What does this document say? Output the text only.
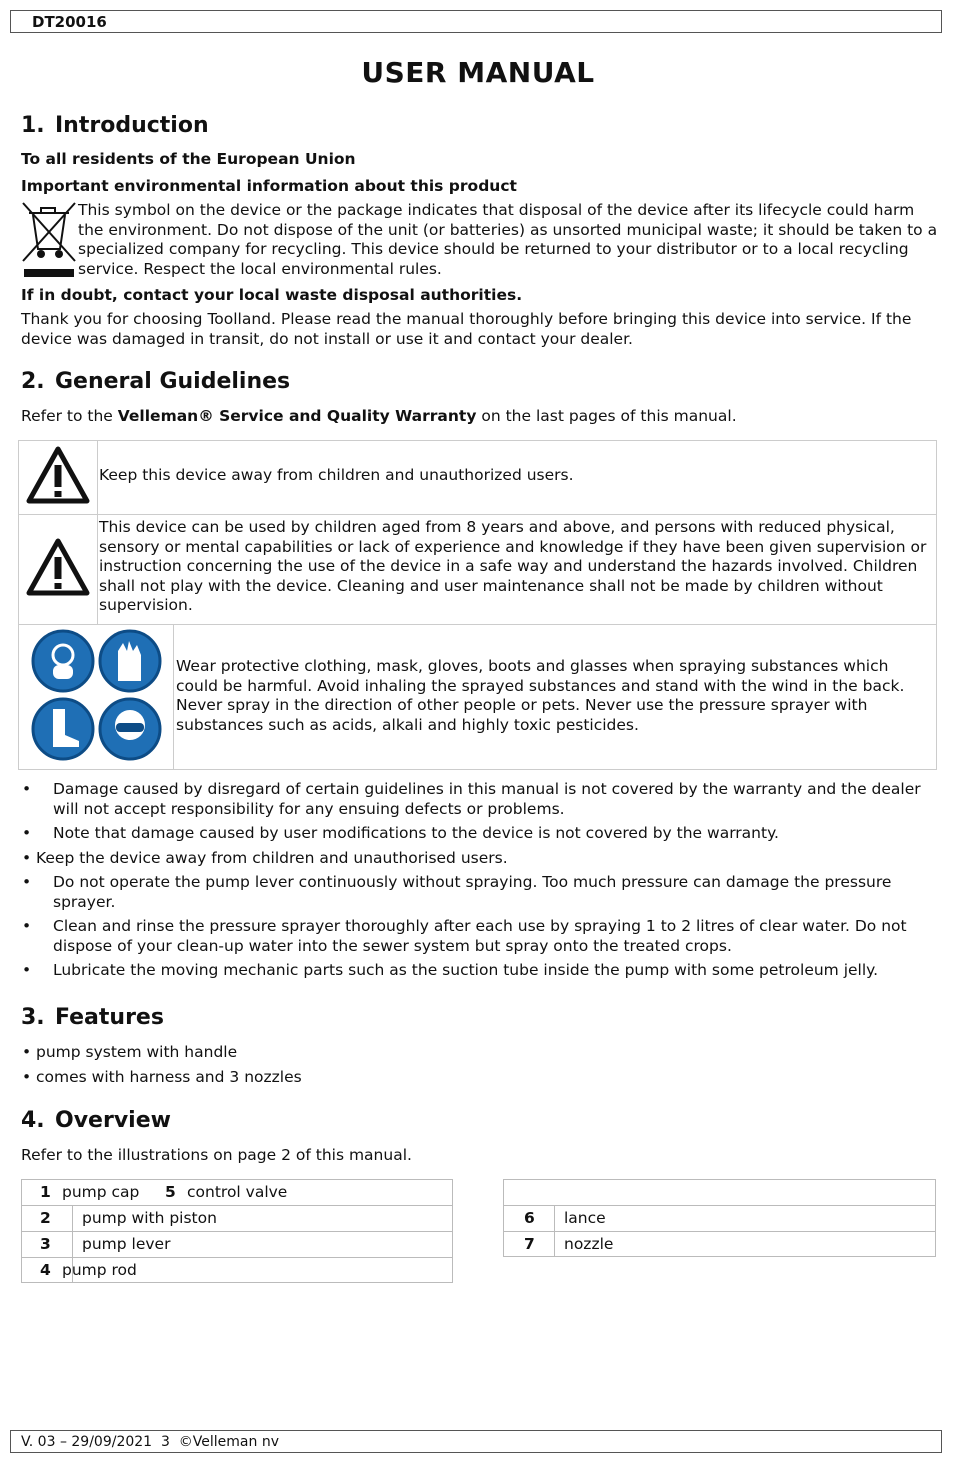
DT20016
USER MANUAL
1. Introduction
To all residents of the European Union
Important environmental information about this product
This symbol on the device or the package indicates that disposal of the device after its lifecycle could harm the environment. Do not dispose of the unit (or batteries) as unsorted municipal waste; it should be taken to a specialized company for recycling. This device should be returned to your distributor or to a local recycling service. Respect the local environmental rules.
If in doubt, contact your local waste disposal authorities.
Thank you for choosing Toolland. Please read the manual thoroughly before bringing this device into service. If the device was damaged in transit, do not install or use it and contact your dealer.
2. General Guidelines
Refer to the Velleman® Service and Quality Warranty on the last pages of this manual.
Keep this device away from children and unauthorized users.
This device can be used by children aged from 8 years and above, and persons with reduced physical, sensory or mental capabilities or lack of experience and knowledge if they have been given supervision or instruction concerning the use of the device in a safe way and understand the hazards involved. Children shall not play with the device. Cleaning and user maintenance shall not be made by children without supervision.
Wear protective clothing, mask, gloves, boots and glasses when spraying substances which could be harmful. Avoid inhaling the sprayed substances and stand with the wind in the back. Never spray in the direction of other people or pets. Never use the pressure sprayer with substances such as acids, alkali and highly toxic pesticides.
• Damage caused by disregard of certain guidelines in this manual is not covered by the warranty and the dealer will not accept responsibility for any ensuing defects or problems.
• Note that damage caused by user modifications to the device is not covered by the warranty.
• Keep the device away from children and unauthorised users.
• Do not operate the pump lever continuously without spraying. Too much pressure can damage the pressure sprayer.
• Clean and rinse the pressure sprayer thoroughly after each use by spraying 1 to 2 litres of clear water. Do not dispose of your clean-up water into the sewer system but spray onto the treated crops.
• Lubricate the moving mechanic parts such as the suction tube inside the pump with some petroleum jelly.
3. Features
• pump system with handle
• comes with harness and 3 nozzles
4. Overview
Refer to the illustrations on page 2 of this manual.
1 pump cap 5 control valve
2 pump with piston
3 pump lever
4 pump rod
6 lance
7 nozzle
V. 03 – 29/09/2021  3  ©Velleman nv
